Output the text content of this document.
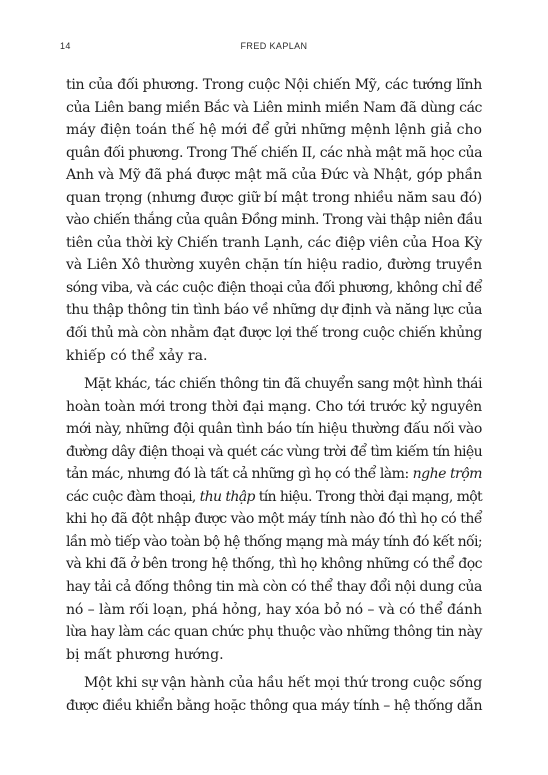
14	FRED KAPLAN

tin của đối phương. Trong cuộc Nội chiến Mỹ, các tướng lĩnh
của Liên bang miền Bắc và Liên minh miền Nam đã dùng các
máy điện toán thế hệ mới để gửi những mệnh lệnh giả cho
quân đối phương. Trong Thế chiến II, các nhà mật mã học của
Anh và Mỹ đã phá được mật mã của Đức và Nhật, góp phần
quan trọng (nhưng được giữ bí mật trong nhiều năm sau đó)
vào chiến thắng của quân Đồng minh. Trong vài thập niên đầu
tiên của thời kỳ Chiến tranh Lạnh, các điệp viên của Hoa Kỳ
và Liên Xô thường xuyên chặn tín hiệu radio, đường truyền
sóng viba, và các cuộc điện thoại của đối phương, không chỉ để
thu thập thông tin tình báo về những dự định và năng lực của
đối thủ mà còn nhằm đạt được lợi thế trong cuộc chiến khủng
khiếp có thể xảy ra.

Mặt khác, tác chiến thông tin đã chuyển sang một hình thái
hoàn toàn mới trong thời đại mạng. Cho tới trước kỷ nguyên
mới này, những đội quân tình báo tín hiệu thường đấu nối vào
đường dây điện thoại và quét các vùng trời để tìm kiếm tín hiệu
tản mác, nhưng đó là tất cả những gì họ có thể làm: nghe trộm
các cuộc đàm thoại, thu thập tín hiệu. Trong thời đại mạng, một
khi họ đã đột nhập được vào một máy tính nào đó thì họ có thể
lần mò tiếp vào toàn bộ hệ thống mạng mà máy tính đó kết nối;
và khi đã ở bên trong hệ thống, thì họ không những có thể đọc
hay tải cả đống thông tin mà còn có thể thay đổi nội dung của
nó – làm rối loạn, phá hỏng, hay xóa bỏ nó – và có thể đánh
lừa hay làm các quan chức phụ thuộc vào những thông tin này
bị mất phương hướng.

Một khi sự vận hành của hầu hết mọi thứ trong cuộc sống
được điều khiển bằng hoặc thông qua máy tính – hệ thống dẫn
